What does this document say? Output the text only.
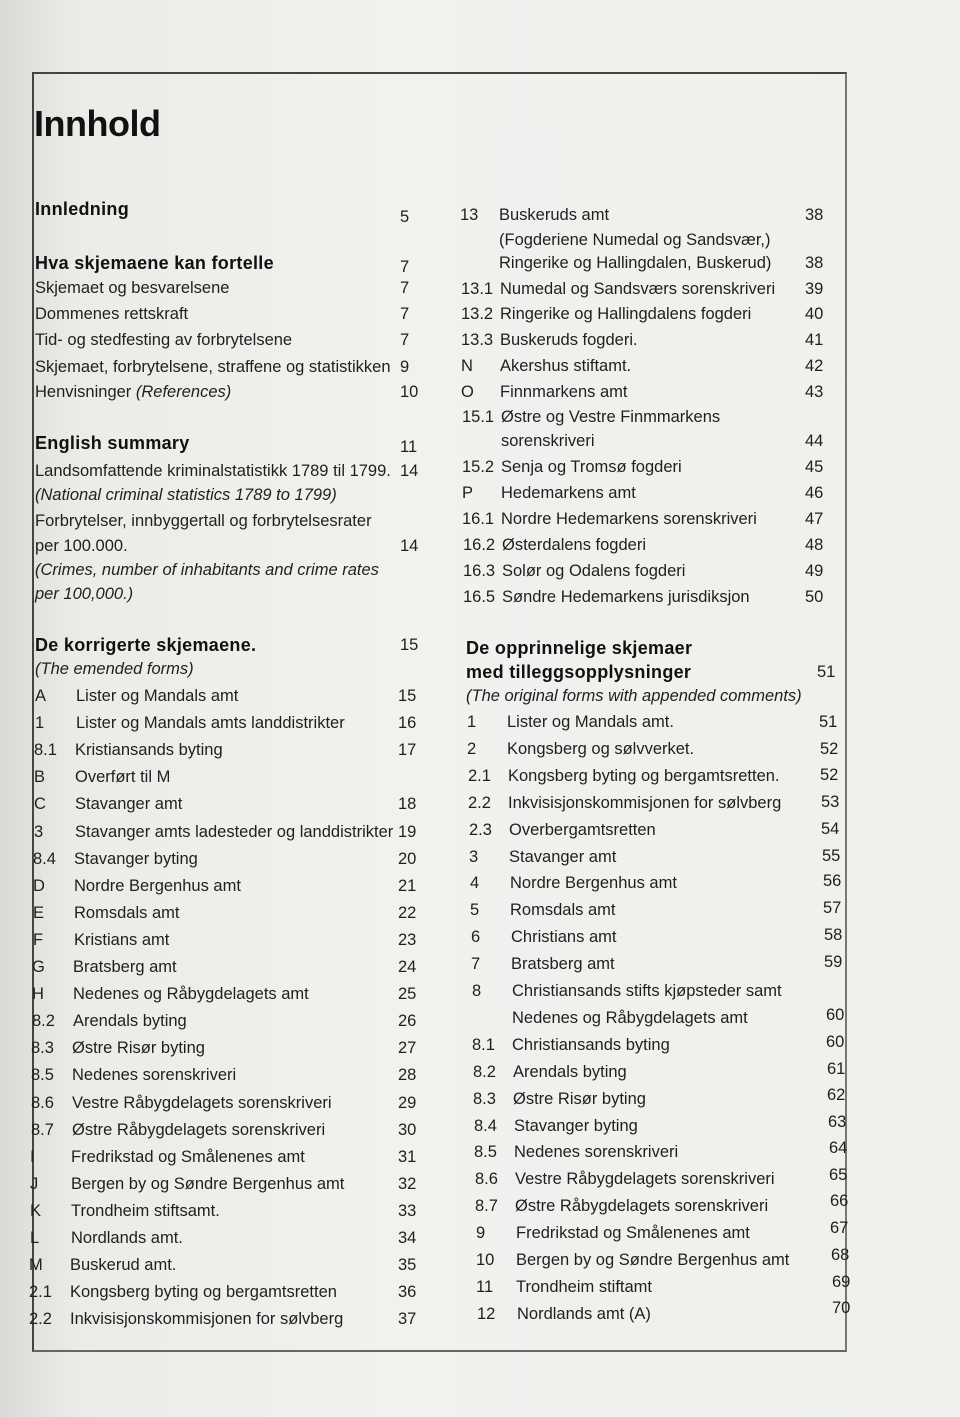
Innhold
Innledning	5
Hva skjemaene kan fortelle	7
Skjemaet og besvarelsene	7
Dommenes rettskraft	7
Tid- og stedfesting av forbrytelsene	7
Skjemaet, forbrytelsene, straffene og statistikken 9
Henvisninger (References)	10
English summary	11
Landsomfattende kriminalstatistikk 1789 til 1799. 14
(National criminal statistics 1789 to 1799)
Forbrytelser, innbyggertall og forbrytelsesrater
per 100.000.	14
(Crimes, number of inhabitants and crime rates
per 100,000.)
De korrigerte skjemaene.	15
(The emended forms)
A Lister og Mandals amt	15
1 Lister og Mandals amts landdistrikter	16
8.1 Kristiansands byting	17
B Overført til M
C Stavanger amt	18
3 Stavanger amts ladesteder og landdistrikter 19
8.4 Stavanger byting	20
D Nordre Bergenhus amt	21
E Romsdals amt	22
F Kristians amt	23
G Bratsberg amt	24
H Nedenes og Råbygdelagets amt	25
8.2 Arendals byting	26
8.3 Østre Risør byting	27
8.5 Nedenes sorenskriveri	28
8.6 Vestre Råbygdelagets sorenskriveri	29
8.7 Østre Råbygdelagets sorenskriveri	30
I Fredrikstad og Smålenenes amt	31
J Bergen by og Søndre Bergenhus amt	32
K Trondheim stiftsamt.	33
L Nordlands amt.	34
M Buskerud amt.	35
2.1 Kongsberg byting og bergamtsretten	36
2.2 Inkvisisjonskommisjonen for sølvberg	37
13 Buskeruds amt	38
(Fogderiene Numedal og Sandsvær,)
Ringerike og Hallingdalen, Buskerud) 38
13.1 Numedal og Sandsværs sorenskriveri 39
13.2 Ringerike og Hallingdalens fogderi	40
13.3 Buskeruds fogderi.	41
N Akershus stiftamt.	42
O Finnmarkens amt	43
15.1 Østre og Vestre Finmmarkens
sorenskriveri	44
15.2 Senja og Tromsø fogderi	45
P Hedemarkens amt	46
16.1 Nordre Hedemarkens sorenskriveri	47
16.2 Østerdalens fogderi	48
16.3 Solør og Odalens fogderi	49
16.5 Søndre Hedemarkens jurisdiksjon	50
De opprinnelige skjemaer
med tilleggsopplysninger	51
(The original forms with appended comments)
1 Lister og Mandals amt.	51
2 Kongsberg og sølvverket.	52
2.1 Kongsberg byting og bergamtsretten. 52
2.2 Inkvisisjonskommisjonen for sølvberg 53
2.3 Overbergamtsretten	54
3 Stavanger amt	55
4 Nordre Bergenhus amt	56
5 Romsdals amt	57
6 Christians amt	58
7 Bratsberg amt	59
8 Christiansands stifts kjøpsteder samt
Nedenes og Råbygdelagets amt	60
8.1 Christiansands byting	60
8.2 Arendals byting	61
8.3 Østre Risør byting	62
8.4 Stavanger byting	63
8.5 Nedenes sorenskriveri	64
8.6 Vestre Råbygdelagets sorenskriveri	65
8.7 Østre Råbygdelagets sorenskriveri	66
9 Fredrikstad og Smålenenes amt	67
10 Bergen by og Søndre Bergenhus amt	68
11 Trondheim stiftamt	69
12 Nordlands amt (A)	70
